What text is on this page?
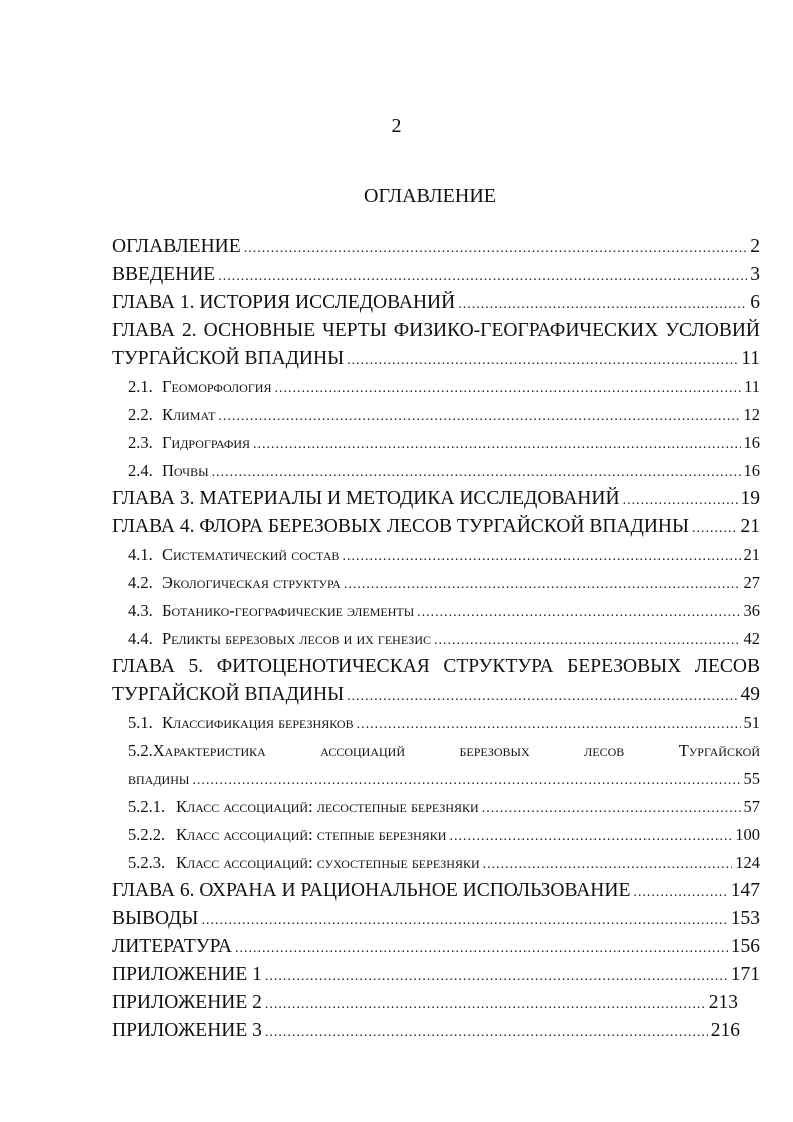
2
ОГЛАВЛЕНИЕ
ОГЛАВЛЕНИЕ .....	2
ВВЕДЕНИЕ .....	3
ГЛАВА 1. ИСТОРИЯ ИССЛЕДОВАНИЙ .....	6
ГЛАВА 2. ОСНОВНЫЕ ЧЕРТЫ ФИЗИКО-ГЕОГРАФИЧЕСКИХ УСЛОВИЙ
ТУРГАЙСКОЙ ВПАДИНЫ .....	11
2.1. Геоморфология .....	11
2.2. Климат .....	12
2.3. Гидрография .....	16
2.4. Почвы .....	16
ГЛАВА 3. МАТЕРИАЛЫ И МЕТОДИКА ИССЛЕДОВАНИЙ .....	19
ГЛАВА 4. ФЛОРА БЕРЕЗОВЫХ ЛЕСОВ ТУРГАЙСКОЙ ВПАДИНЫ .....	21
4.1. Систематический состав .....	21
4.2. Экологическая структура .....	27
4.3. Ботанико-географические элементы .....	36
4.4. Реликты березовых лесов и их генезис .....	42
ГЛАВА 5. ФИТОЦЕНОТИЧЕСКАЯ СТРУКТУРА БЕРЕЗОВЫХ ЛЕСОВ
ТУРГАЙСКОЙ ВПАДИНЫ .....	49
5.1. Классификация березняков .....	51
5.2.Характеристика ассоциаций березовых лесов Тургайской
впадины .....	55
5.2.1. Класс ассоциаций: лесостепные березняки .....	57
5.2.2. Класс ассоциаций: степные березняки .....	100
5.2.3. Класс ассоциаций: сухостепные березняки .....	124
ГЛАВА 6. ОХРАНА И РАЦИОНАЛЬНОЕ ИСПОЛЬЗОВАНИЕ .....	147
ВЫВОДЫ .....	153
ЛИТЕРАТУРА .....	156
ПРИЛОЖЕНИЕ 1 .....	171
ПРИЛОЖЕНИЕ 2 .....	213
ПРИЛОЖЕНИЕ 3 .....	216
